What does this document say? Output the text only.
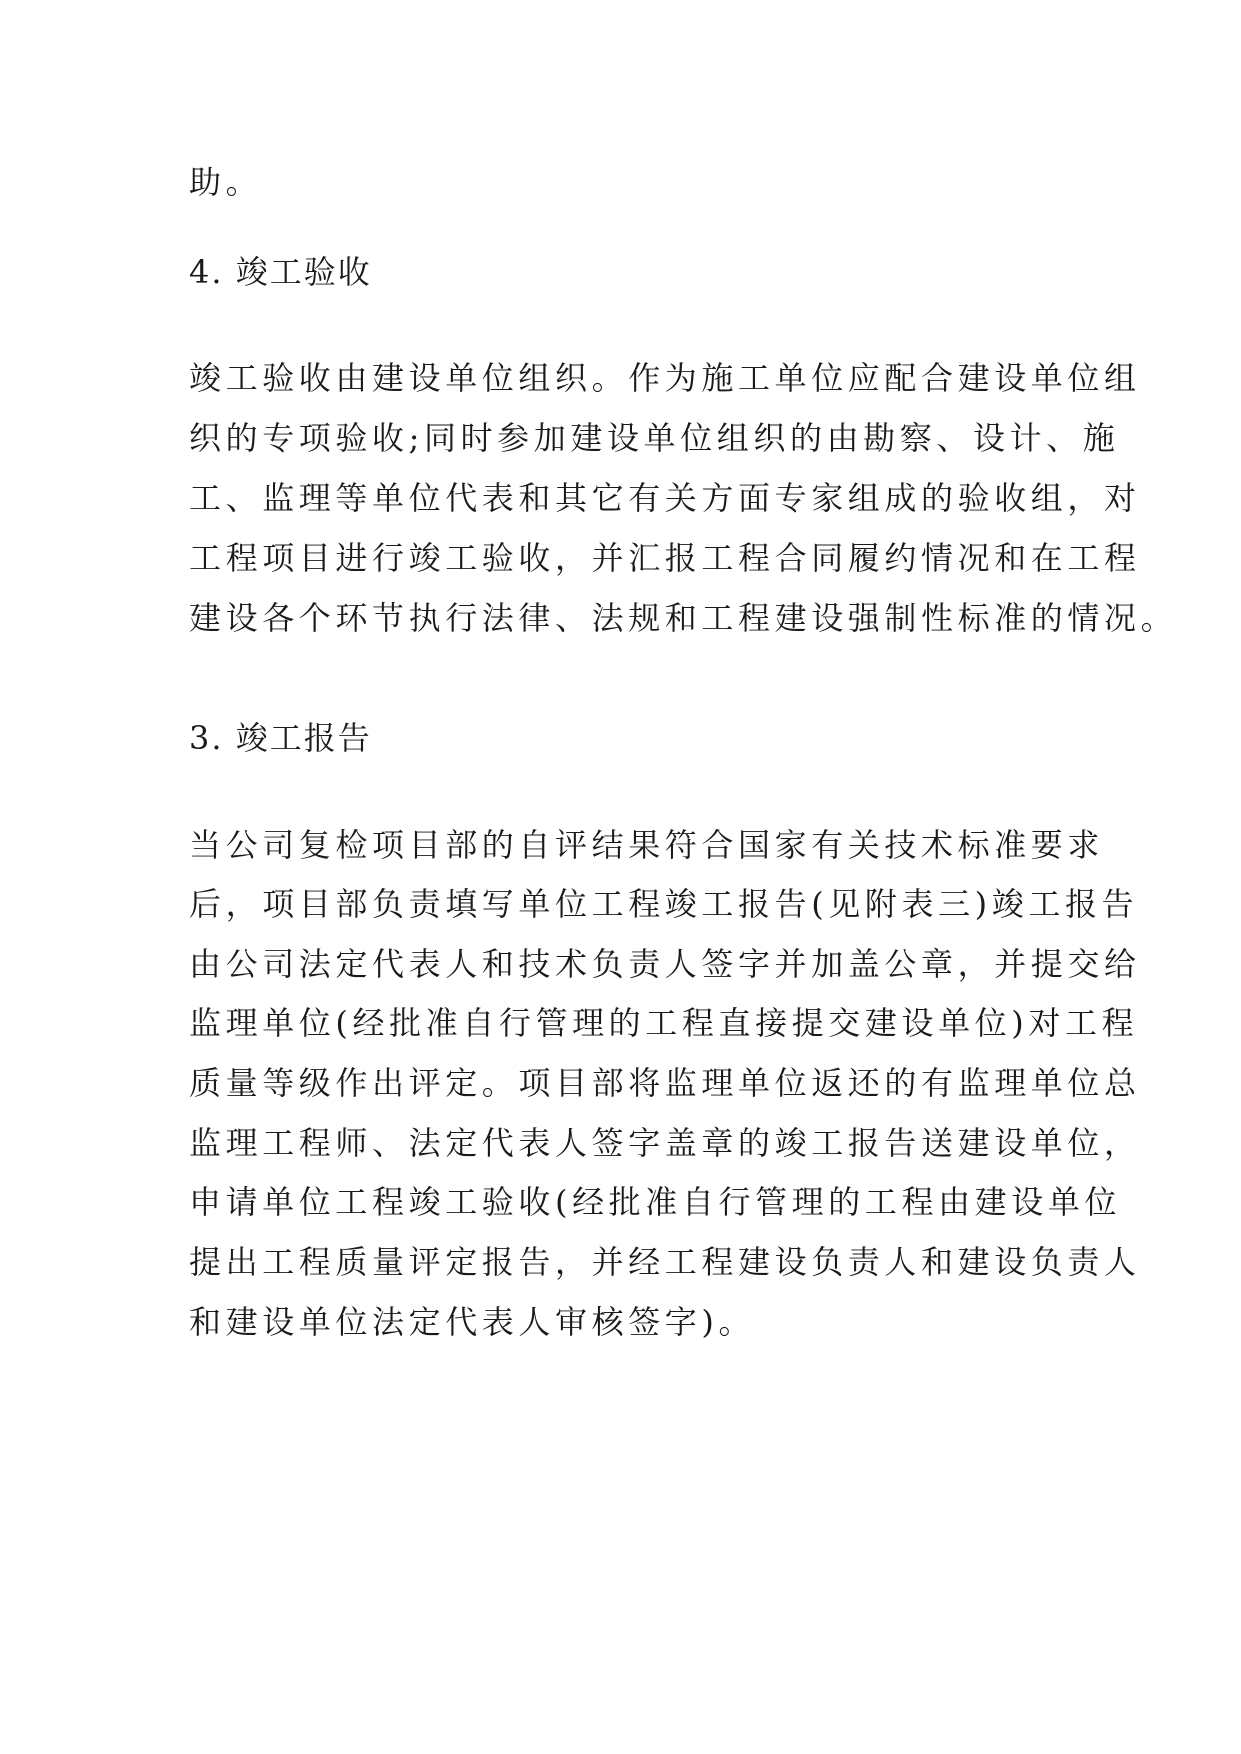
助。
4. 竣工验收
竣工验收由建设单位组织。作为施工单位应配合建设单位组
织的专项验收;同时参加建设单位组织的由勘察、设计、施
工、监理等单位代表和其它有关方面专家组成的验收组，对
工程项目进行竣工验收，并汇报工程合同履约情况和在工程
建设各个环节执行法律、法规和工程建设强制性标准的情况。
3. 竣工报告
当公司复检项目部的自评结果符合国家有关技术标准要求
后，项目部负责填写单位工程竣工报告(见附表三)竣工报告
由公司法定代表人和技术负责人签字并加盖公章，并提交给
监理单位(经批准自行管理的工程直接提交建设单位)对工程
质量等级作出评定。项目部将监理单位返还的有监理单位总
监理工程师、法定代表人签字盖章的竣工报告送建设单位，
申请单位工程竣工验收(经批准自行管理的工程由建设单位
提出工程质量评定报告，并经工程建设负责人和建设负责人
和建设单位法定代表人审核签字)。
